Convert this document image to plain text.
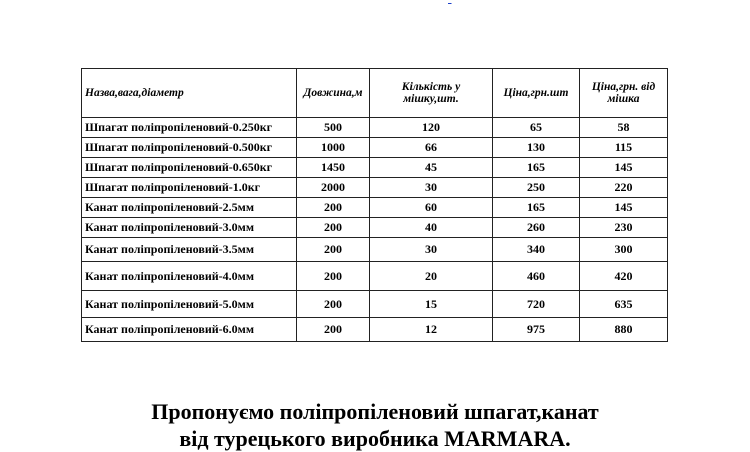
Назва,вага,діаметр	Довжина,м	Кількість у мішку,шт.	Ціна,грн.шт	Ціна,грн. від мішка
Шпагат поліпропіленовий-0.250кг	500	120	65	58
Шпагат поліпропіленовий-0.500кг	1000	66	130	115
Шпагат поліпропіленовий-0.650кг	1450	45	165	145
Шпагат поліпропіленовий-1.0кг	2000	30	250	220
Канат поліпропіленовий-2.5мм	200	60	165	145
Канат поліпропіленовий-3.0мм	200	40	260	230
Канат поліпропіленовий-3.5мм	200	30	340	300
Канат поліпропіленовий-4.0мм	200	20	460	420
Канат поліпропіленовий-5.0мм	200	15	720	635
Канат поліпропіленовий-6.0мм	200	12	975	880
Пропонуємо поліпропіленовий шпагат,канат
від турецького виробника MARMARA.
